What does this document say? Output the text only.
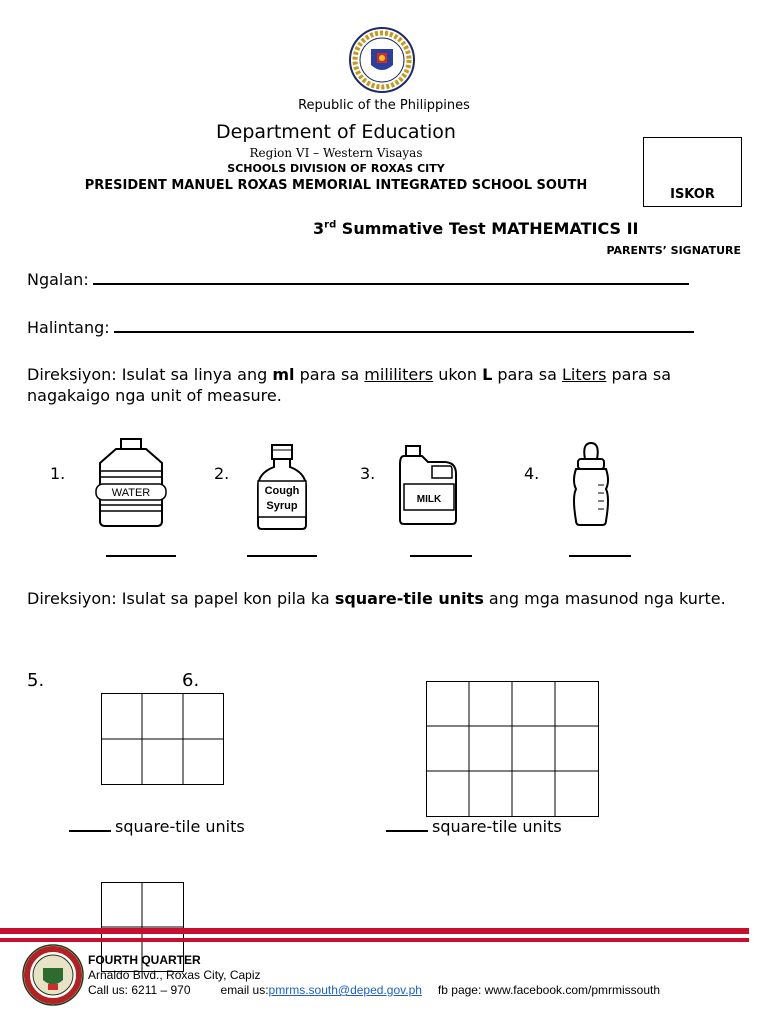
Republic of the Philippines
Department of Education
Region VI – Western Visayas
SCHOOLS DIVISION OF ROXAS CITY
PRESIDENT MANUEL ROXAS MEMORIAL INTEGRATED SCHOOL SOUTH
ISKOR
3rd Summative Test MATHEMATICS II
PARENTS’ SIGNATURE
Ngalan:
Halintang:
Direksiyon: Isulat sa linya ang ml para sa mililiters ukon L para sa Liters para sa nagakaigo nga unit of measure.
1.
WATER
2.
Cough
Syrup
3.
MILK
4.
Direksiyon: Isulat sa papel kon pila ka square-tile units ang mga masunod nga kurte.
5.	6.
square-tile units	square-tile units
FOURTH QUARTER
Arnaldo Blvd., Roxas City, Capiz
Call us: 6211 – 970	email us:pmrms.south@deped.gov.ph fb page: www.facebook.com/pmrmissouth
